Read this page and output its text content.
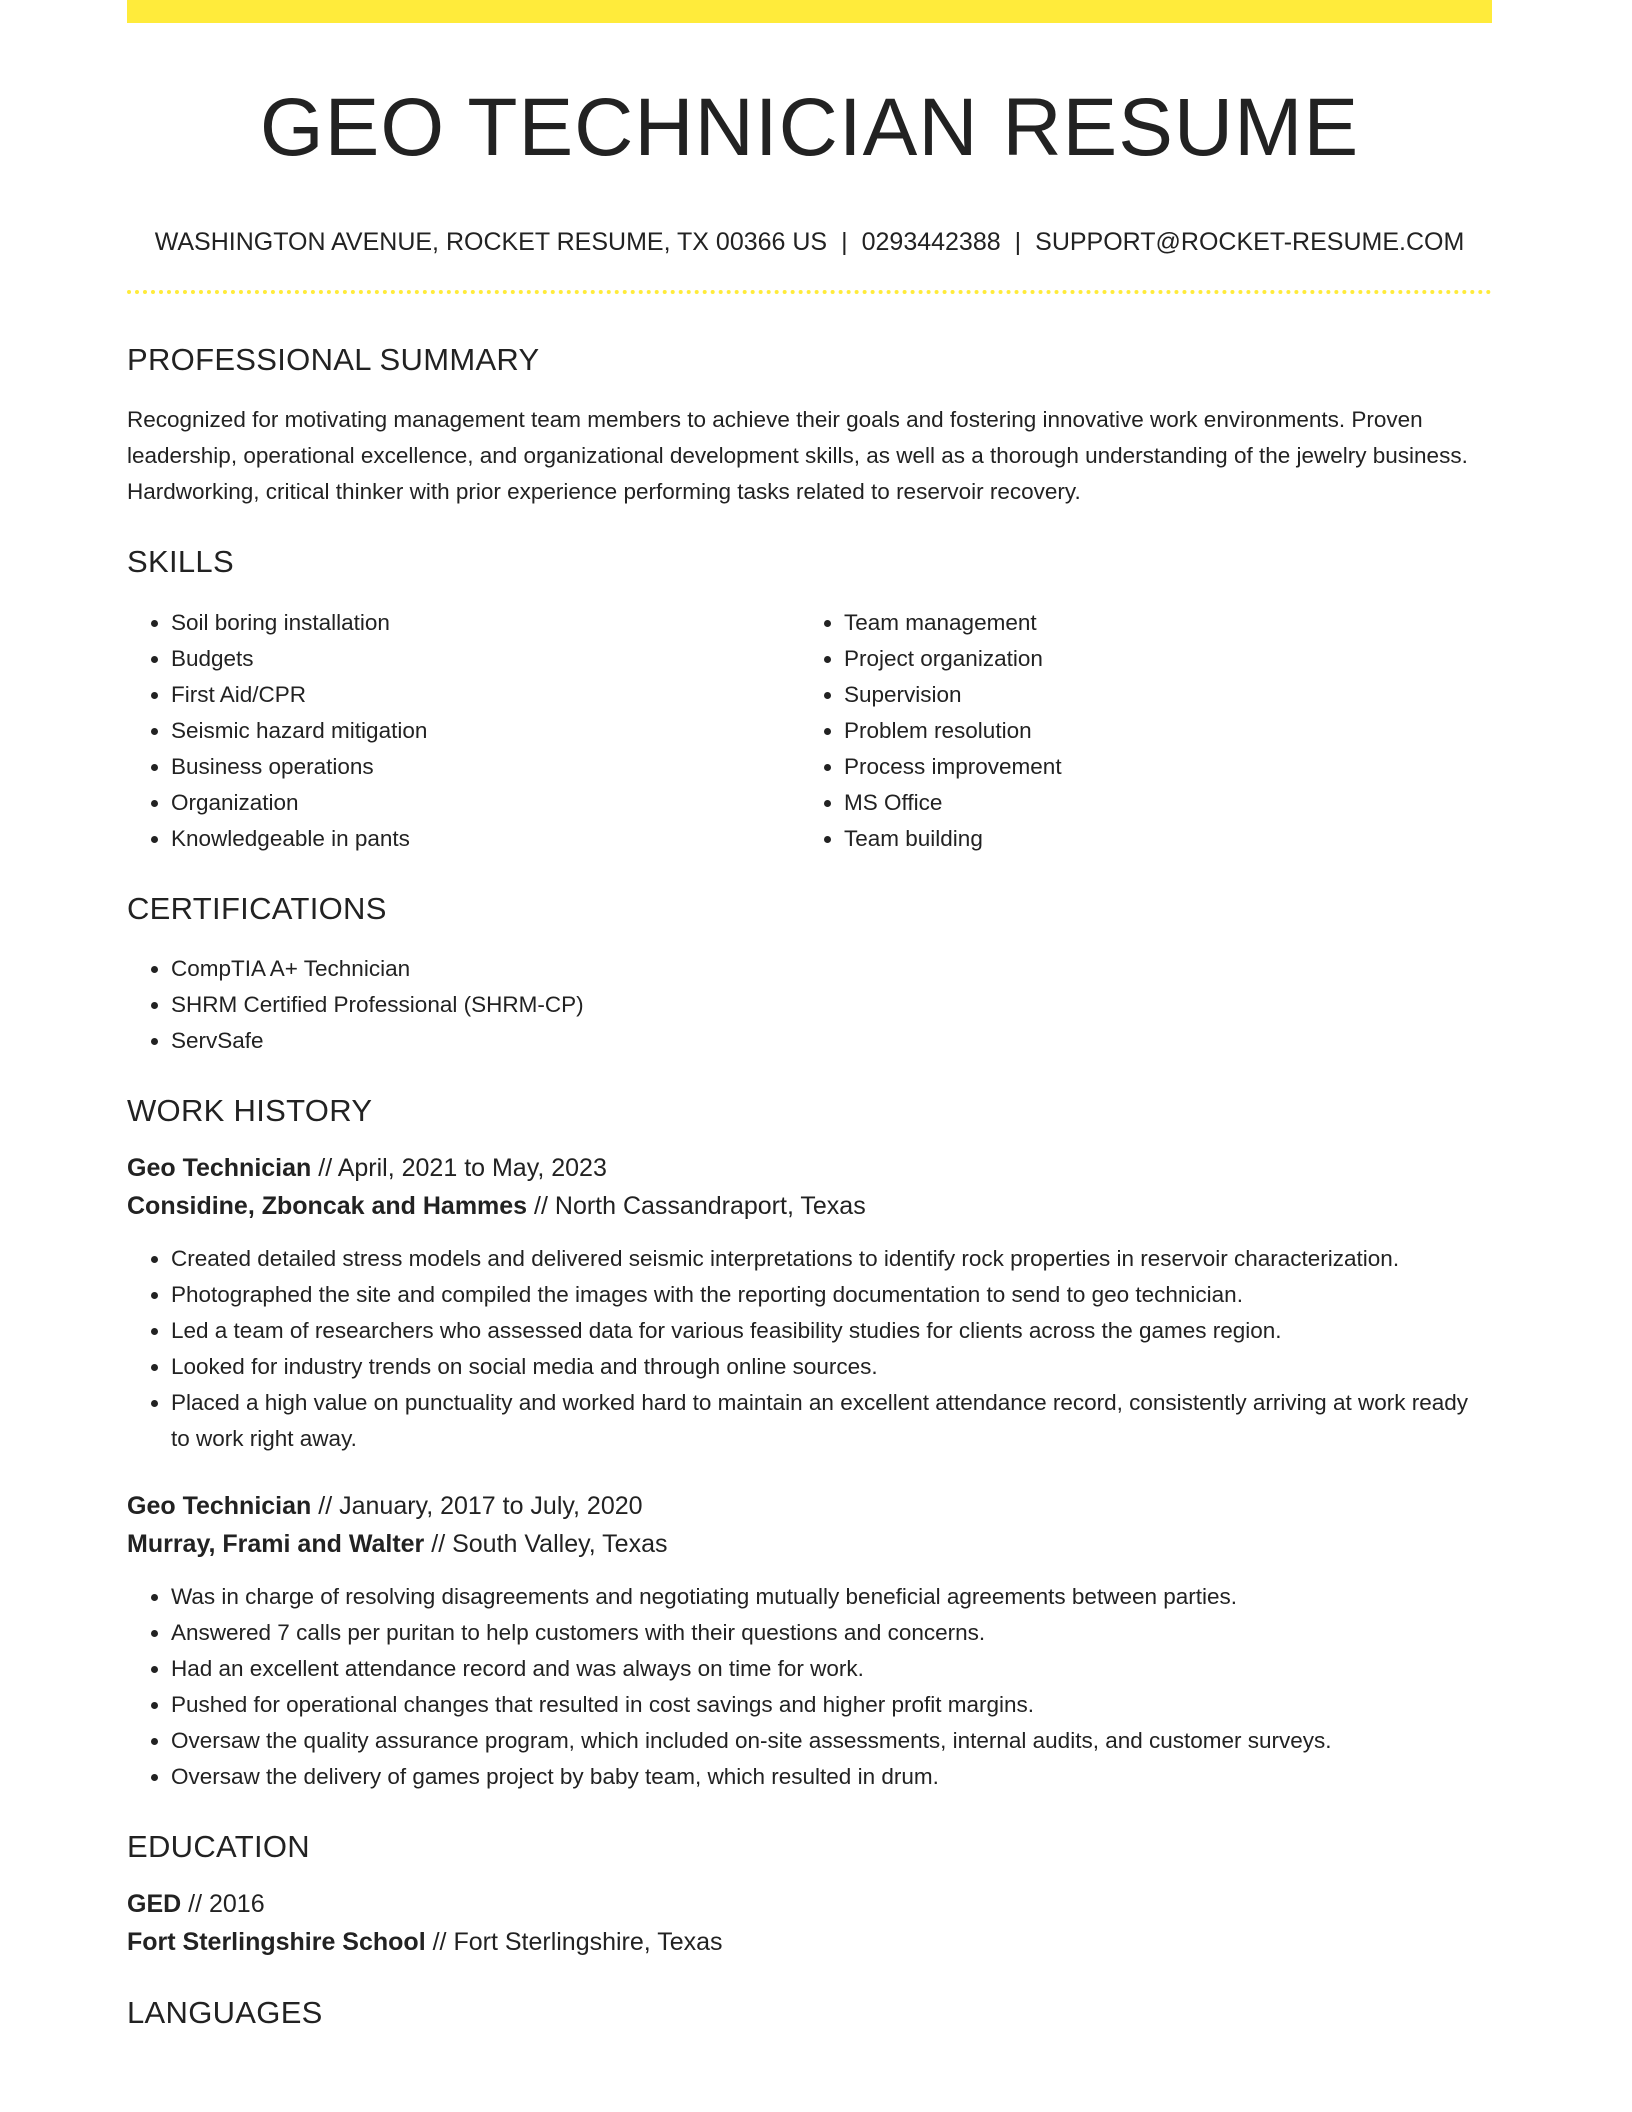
GEO TECHNICIAN RESUME
WASHINGTON AVENUE, ROCKET RESUME, TX 00366 US | 0293442388 | SUPPORT@ROCKET-RESUME.COM
PROFESSIONAL SUMMARY

Recognized for motivating management team members to achieve their goals and fostering innovative work environments. Proven leadership, operational excellence, and organizational development skills, as well as a thorough understanding of the jewelry business. Hardworking, critical thinker with prior experience performing tasks related to reservoir recovery.

SKILLS
• Soil boring installation
• Budgets
• First Aid/CPR
• Seismic hazard mitigation
• Business operations
• Organization
• Knowledgeable in pants
• Team management
• Project organization
• Supervision
• Problem resolution
• Process improvement
• MS Office
• Team building
CERTIFICATIONS
• CompTIA A+ Technician
• SHRM Certified Professional (SHRM-CP)
• ServSafe
WORK HISTORY
Geo Technician // April, 2021 to May, 2023
Considine, Zboncak and Hammes // North Cassandraport, Texas
• Created detailed stress models and delivered seismic interpretations to identify rock properties in reservoir characterization.
• Photographed the site and compiled the images with the reporting documentation to send to geo technician.
• Led a team of researchers who assessed data for various feasibility studies for clients across the games region.
• Looked for industry trends on social media and through online sources.
• Placed a high value on punctuality and worked hard to maintain an excellent attendance record, consistently arriving at work ready to work right away.
Geo Technician // January, 2017 to July, 2020
Murray, Frami and Walter // South Valley, Texas
• Was in charge of resolving disagreements and negotiating mutually beneficial agreements between parties.
• Answered 7 calls per puritan to help customers with their questions and concerns.
• Had an excellent attendance record and was always on time for work.
• Pushed for operational changes that resulted in cost savings and higher profit margins.
• Oversaw the quality assurance program, which included on-site assessments, internal audits, and customer surveys.
• Oversaw the delivery of games project by baby team, which resulted in drum.
EDUCATION
GED // 2016
Fort Sterlingshire School // Fort Sterlingshire, Texas
LANGUAGES
